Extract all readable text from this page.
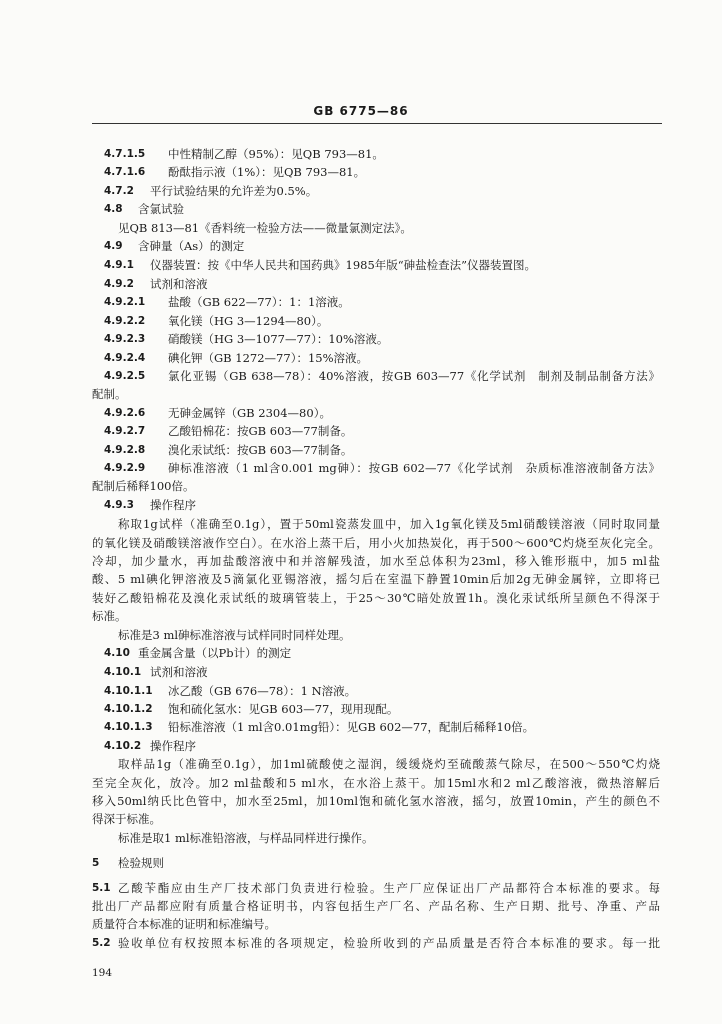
GB 6775—86
4.7.1.5 中性精制乙醇（95%）：见QB 793—81。
4.7.1.6 酚酞指示液（1%）：见QB 793—81。
4.7.2 平行试验结果的允许差为0.5%。
4.8 含氯试验
见QB 813—81《香料统一检验方法——微量氯测定法》。
4.9 含砷量（As）的测定
4.9.1 仪器装置：按《中华人民共和国药典》1985年版“砷盐检查法”仪器装置图。
4.9.2 试剂和溶液
4.9.2.1 盐酸（GB 622—77）：1：1溶液。
4.9.2.2 氧化镁（HG 3—1294—80）。
4.9.2.3 硝酸镁（HG 3—1077—77）：10%溶液。
4.9.2.4 碘化钾（GB 1272—77）：15%溶液。
4.9.2.5 氯化亚锡（GB 638—78）：40%溶液，按GB 603—77《化学试剂　制剂及制品制备方法》
配制。
4.9.2.6 无砷金属锌（GB 2304—80）。
4.9.2.7 乙酸铅棉花：按GB 603—77制备。
4.9.2.8 溴化汞试纸：按GB 603—77制备。
4.9.2.9 砷标准溶液（1 ml含0.001 mg砷）：按GB 602—77《化学试剂　杂质标准溶液制备方法》
配制后稀释100倍。
4.9.3 操作程序
称取1g试样（准确至0.1g），置于50ml瓷蒸发皿中，加入1g氧化镁及5ml硝酸镁溶液（同时取同量
的氧化镁及硝酸镁溶液作空白）。在水浴上蒸干后，用小火加热炭化，再于500～600℃灼烧至灰化完全。
冷却，加少量水，再加盐酸溶液中和并溶解残渣，加水至总体积为23ml，移入锥形瓶中，加5 ml盐
酸、5 ml碘化钾溶液及5滴氯化亚锡溶液，摇匀后在室温下静置10min后加2g无砷金属锌，立即将已
装好乙酸铅棉花及溴化汞试纸的玻璃管装上，于25～30℃暗处放置1h。溴化汞试纸所呈颜色不得深于
标准。
标准是3 ml砷标准溶液与试样同时同样处理。
4.10 重金属含量（以Pb计）的测定
4.10.1 试剂和溶液
4.10.1.1 冰乙酸（GB 676—78）：1 N溶液。
4.10.1.2 饱和硫化氢水：见GB 603—77，现用现配。
4.10.1.3 铅标准溶液（1 ml含0.01mg铅）：见GB 602—77，配制后稀释10倍。
4.10.2 操作程序
取样品1g（准确至0.1g），加1ml硫酸使之湿润，缓缓烧灼至硫酸蒸气除尽，在500～550℃灼烧
至完全灰化，放冷。加2 ml盐酸和5 ml水，在水浴上蒸干。加15ml水和2 ml乙酸溶液，微热溶解后
移入50ml纳氏比色管中，加水至25ml，加10ml饱和硫化氢水溶液，摇匀，放置10min，产生的颜色不
得深于标准。
标准是取1 ml标准铅溶液，与样品同样进行操作。
5 检验规则
5.1 乙酸苄酯应由生产厂技术部门负责进行检验。生产厂应保证出厂产品都符合本标准的要求。每
批出厂产品都应附有质量合格证明书，内容包括生产厂名、产品名称、生产日期、批号、净重、产品
质量符合本标准的证明和标准编号。
5.2 验收单位有权按照本标准的各项规定，检验所收到的产品质量是否符合本标准的要求。每一批
194
